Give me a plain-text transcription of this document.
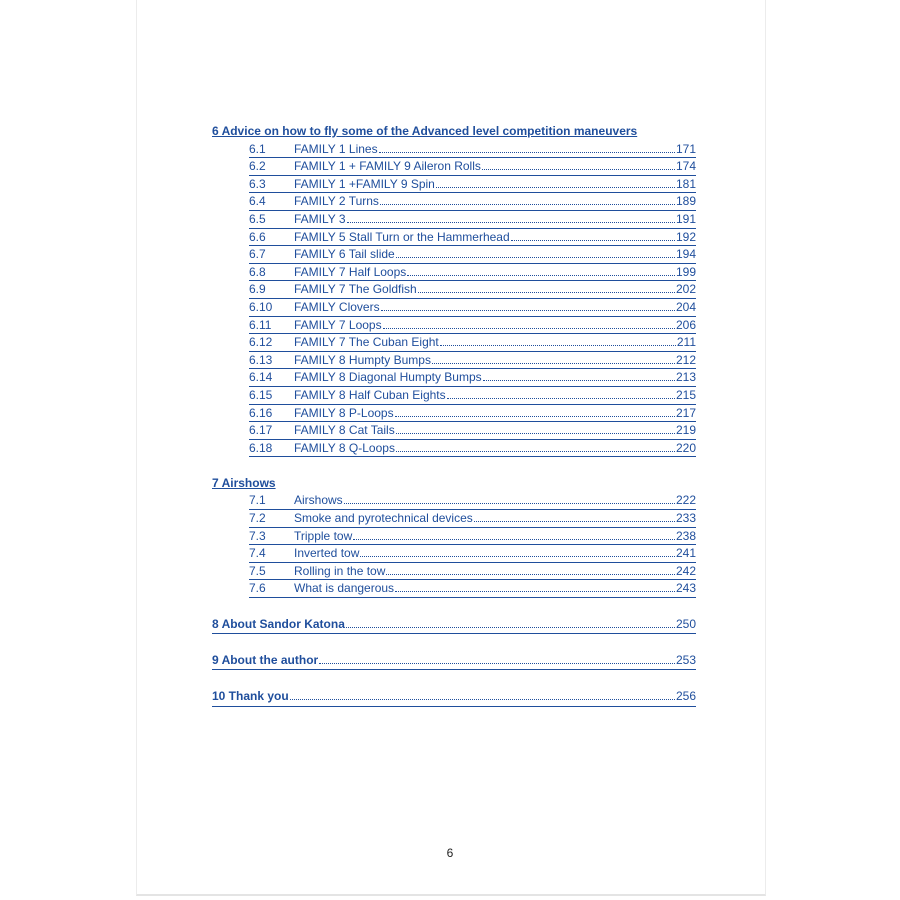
6 Advice on how to fly some of the Advanced level competition maneuvers
6.1	FAMILY 1 Lines	171
6.2	FAMILY 1 + FAMILY 9 Aileron Rolls	174
6.3	FAMILY 1 +FAMILY 9 Spin	181
6.4	FAMILY 2 Turns	189
6.5	FAMILY 3	191
6.6	FAMILY 5 Stall Turn or the Hammerhead	192
6.7	FAMILY 6 Tail slide	194
6.8	FAMILY 7 Half Loops	199
6.9	FAMILY 7 The Goldfish	202
6.10	FAMILY Clovers	204
6.11	FAMILY 7 Loops	206
6.12	FAMILY 7 The Cuban Eight	211
6.13	FAMILY 8 Humpty Bumps	212
6.14	FAMILY 8 Diagonal Humpty Bumps	213
6.15	FAMILY 8 Half Cuban Eights	215
6.16	FAMILY 8 P-Loops	217
6.17	FAMILY 8 Cat Tails	219
6.18	FAMILY 8 Q-Loops	220
7 Airshows
7.1	Airshows	222
7.2	Smoke and pyrotechnical devices	233
7.3	Tripple tow	238
7.4	Inverted tow	241
7.5	Rolling in the tow	242
7.6	What is dangerous	243
8 About Sandor Katona	250
9 About the author	253
10 Thank you	256
6
